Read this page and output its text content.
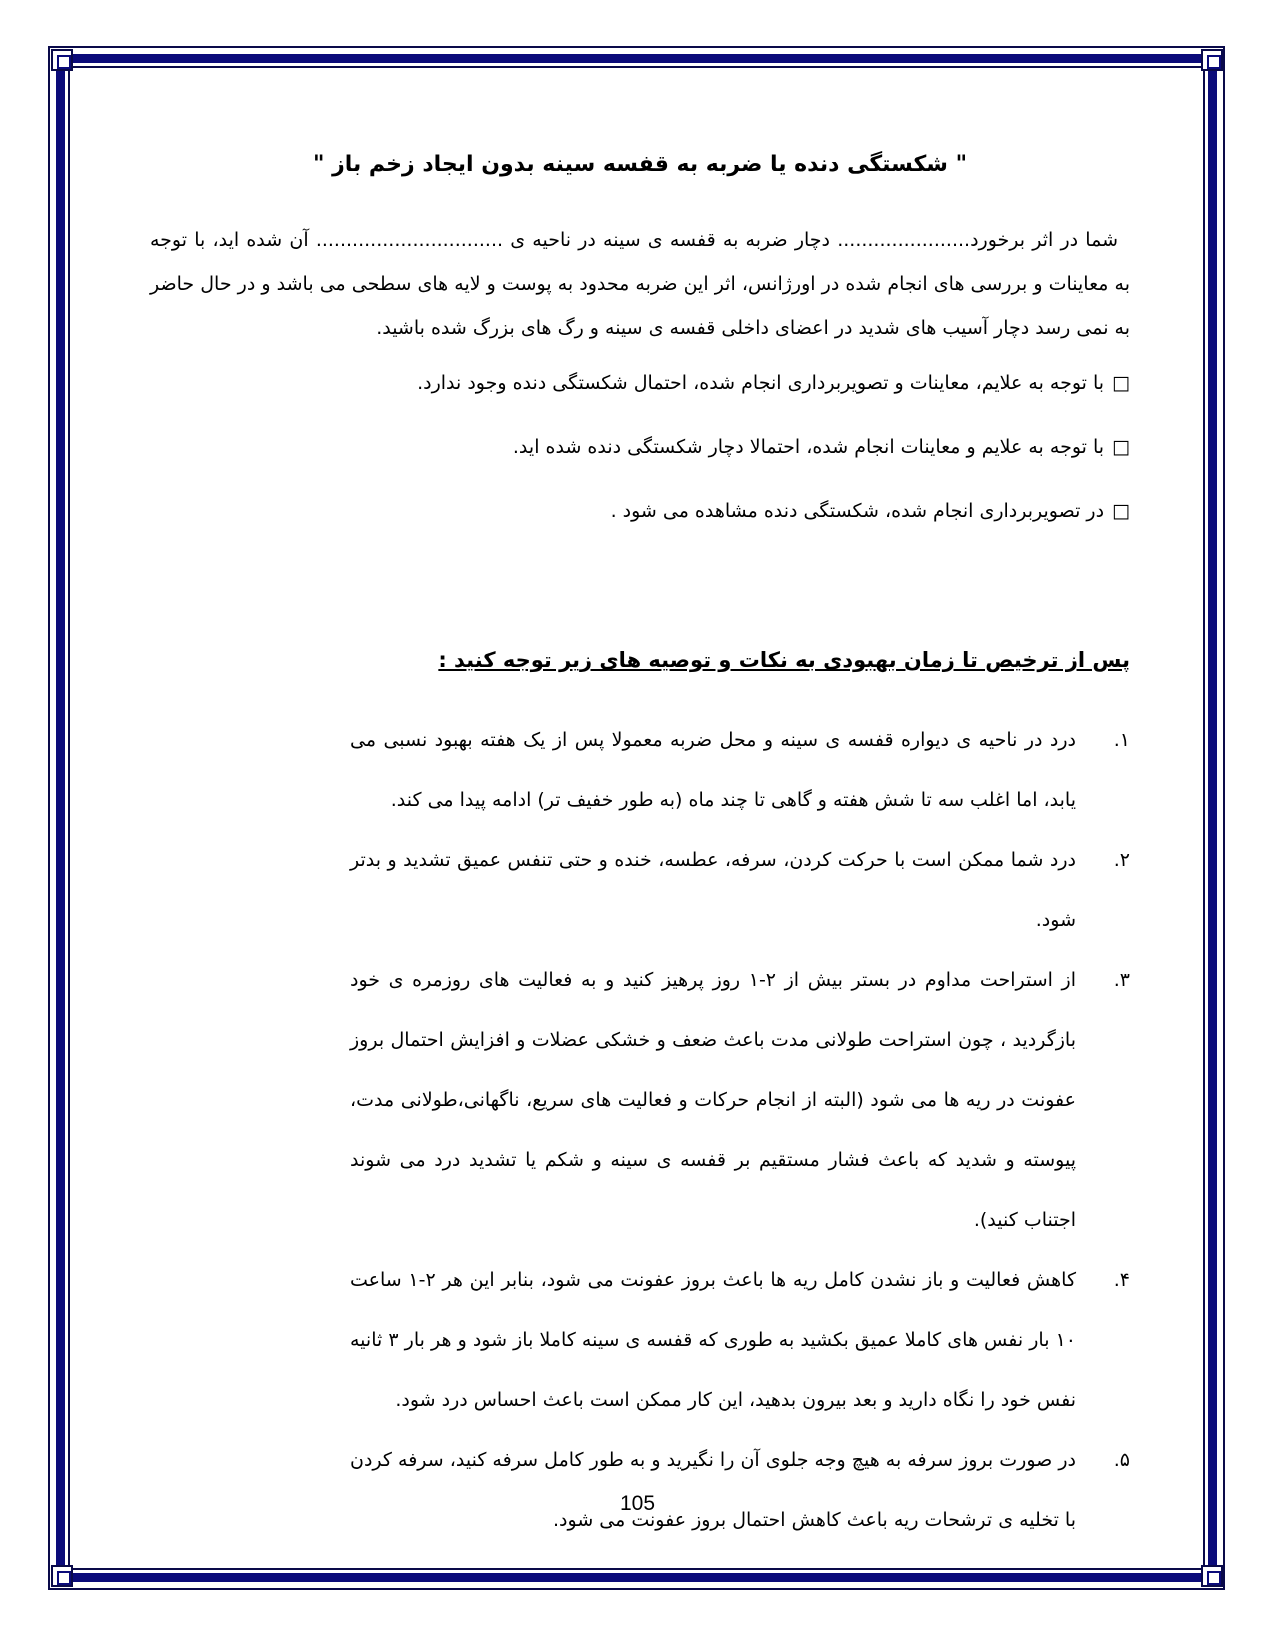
" شکستگی دنده یا ضربه به قفسه سینه بدون ایجاد زخم باز "
شما در اثر برخورد...................... دچار ضربه به قفسه ی سینه در ناحیه ی ............................... آن شده اید، با توجه به معاینات و بررسی های انجام شده در اورژانس، اثر این ضربه محدود به پوست و لایه های سطحی می باشد و در حال حاضر به نمی رسد دچار آسیب های شدید در اعضای داخلی قفسه ی سینه و رگ های بزرگ شده باشید.
□با توجه به علایم، معاینات و تصویربرداری انجام شده، احتمال شکستگی دنده وجود ندارد.
□با توجه به علایم و معاینات انجام شده، احتمالا دچار شکستگی دنده شده اید.
□در تصویربرداری انجام شده، شکستگی دنده مشاهده می شود .
پس از ترخیص تا زمان بهبودی به نکات و توصیه های زیر توجه کنید :
۱.
درد در ناحیه ی دیواره قفسه ی سینه و محل ضربه معمولا پس از یک هفته بهبود نسبی می یابد، اما اغلب سه تا شش هفته و گاهی تا چند ماه (به طور خفیف تر) ادامه پیدا می کند.
۲.
درد شما ممکن است با حرکت کردن، سرفه، عطسه، خنده و حتی تنفس عمیق تشدید و بدتر شود.
۳.
از استراحت مداوم در بستر بیش از ۲-۱ روز پرهیز کنید و به فعالیت های روزمره ی خود بازگردید ، چون استراحت طولانی مدت باعث ضعف و خشکی عضلات و افزایش احتمال بروز عفونت در ریه ها می شود (البته از انجام حرکات و فعالیت های سریع، ناگهانی،طولانی مدت، پیوسته و شدید که باعث فشار مستقیم بر قفسه ی سینه و شکم یا تشدید درد می شوند اجتناب کنید).
۴.
کاهش فعالیت و باز نشدن کامل ریه ها باعث بروز عفونت می شود، بنابر این هر ۲-۱ ساعت ۱۰ بار نفس های کاملا عمیق بکشید به طوری که قفسه ی سینه کاملا باز شود و هر بار ۳ ثانیه نفس خود را نگاه دارید و بعد بیرون بدهید، این کار ممکن است باعث احساس درد شود.
۵.
در صورت بروز سرفه به هیچ وجه جلوی آن را نگیرید و به طور کامل سرفه کنید، سرفه کردن با تخلیه ی ترشحات ریه باعث کاهش احتمال بروز عفونت می شود.
105
